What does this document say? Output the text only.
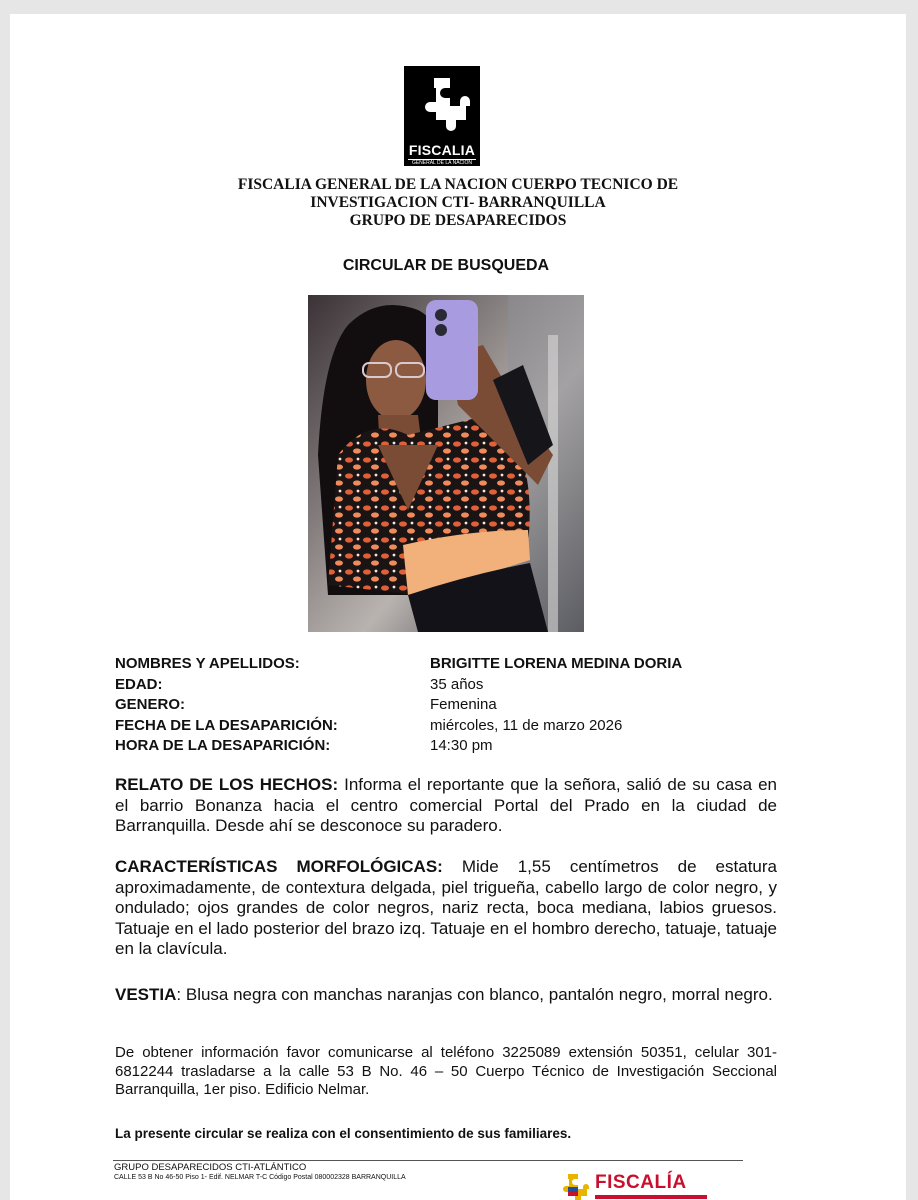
FISCALIA
GENERAL DE LA NACION
FISCALIA GENERAL DE LA NACION CUERPO TECNICO DE
INVESTIGACION CTI- BARRANQUILLA
GRUPO DE DESAPARECIDOS
CIRCULAR DE BUSQUEDA
NOMBRES Y APELLIDOS:	BRIGITTE LORENA MEDINA DORIA
EDAD:	35 años
GENERO:	Femenina
FECHA DE LA DESAPARICIÓN:	miércoles, 11 de marzo 2026
HORA DE LA DESAPARICIÓN:	14:30 pm
RELATO DE LOS HECHOS: Informa el reportante que la señora, salió de su casa en el barrio Bonanza hacia el centro comercial Portal del Prado en la ciudad de Barranquilla. Desde ahí se desconoce su paradero.
CARACTERÍSTICAS MORFOLÓGICAS: Mide 1,55 centímetros de estatura aproximadamente, de contextura delgada, piel trigueña, cabello largo de color negro, y ondulado; ojos grandes de color negros, nariz recta, boca mediana, labios gruesos. Tatuaje en el lado posterior del brazo izq. Tatuaje en el hombro derecho, tatuaje, tatuaje en la clavícula.
VESTIA: Blusa negra con manchas naranjas con blanco, pantalón negro, morral negro.
De obtener información favor comunicarse al teléfono 3225089 extensión 50351, celular 301-6812244 trasladarse a la calle 53 B No. 46 – 50 Cuerpo Técnico de Investigación Seccional Barranquilla, 1er piso. Edificio Nelmar.
La presente circular se realiza con el consentimiento de sus familiares.
GRUPO DESAPARECIDOS CTI-ATLÁNTICO
CALLE 53 B No 46-50 Piso 1- Edif. NELMAR T-C Código Postal 080002328 BARRANQUILLA	FISCALÍA
